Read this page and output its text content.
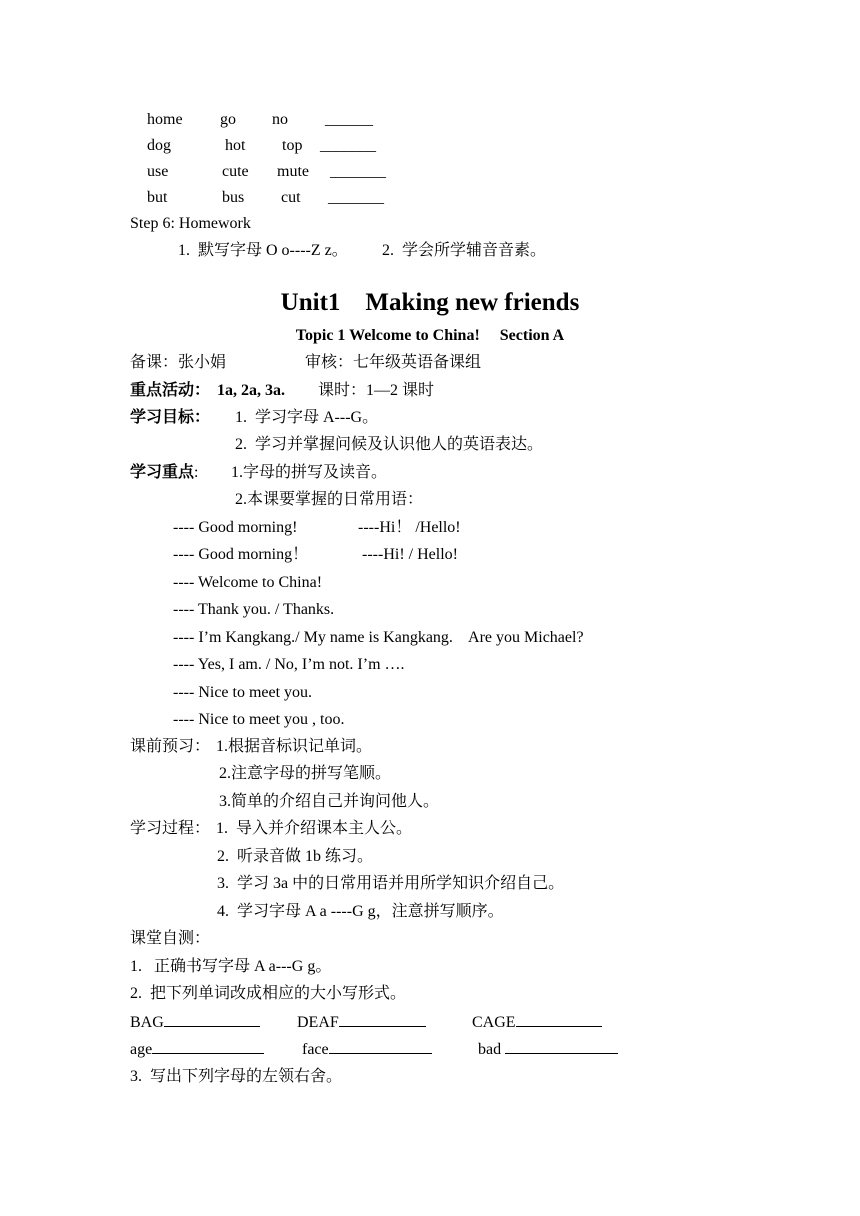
home go no ______
dog	hot top _______
use	cute mute _______
but	bus cut _______
Step 6: Homework
1.  默写字母 O o----Z z。 2.  学会所学辅音音素。
Unit1    Making new friends
Topic 1 Welcome to China!     Section A
备课：张小娟	审核：七年级英语备课组
重点活动： 1a, 2a, 3a. 课时：1—2 课时
学习目标： 1.  学习字母 A---G。
2.  学习并掌握问候及认识他人的英语表达。
学习重点: 1.字母的拼写及读音。
2.本课要掌握的日常用语：
---- Good morning!	----Hi！ /Hello!
---- Good morning！	----Hi! / Hello!
---- Welcome to China!
---- Thank you. / Thanks.
---- I’m Kangkang./ My name is Kangkang.    Are you Michael?
---- Yes, I am. / No, I’m not. I’m ….
---- Nice to meet you.
---- Nice to meet you , too.
课前预习： 1.根据音标识记单词。
2.注意字母的拼写笔顺。
3.简单的介绍自己并询问他人。
学习过程： 1.  导入并介绍课本主人公。
2.  听录音做 1b 练习。
3.  学习 3a 中的日常用语并用所学知识介绍自己。
4.  学习字母 A a ----G g，注意拼写顺序。
课堂自测：
1.   正确书写字母 A a---G g。
2.  把下列单词改成相应的大小写形式。
BAG	DEAF	CAGE
age	face	bad
3.  写出下列字母的左领右舍。
